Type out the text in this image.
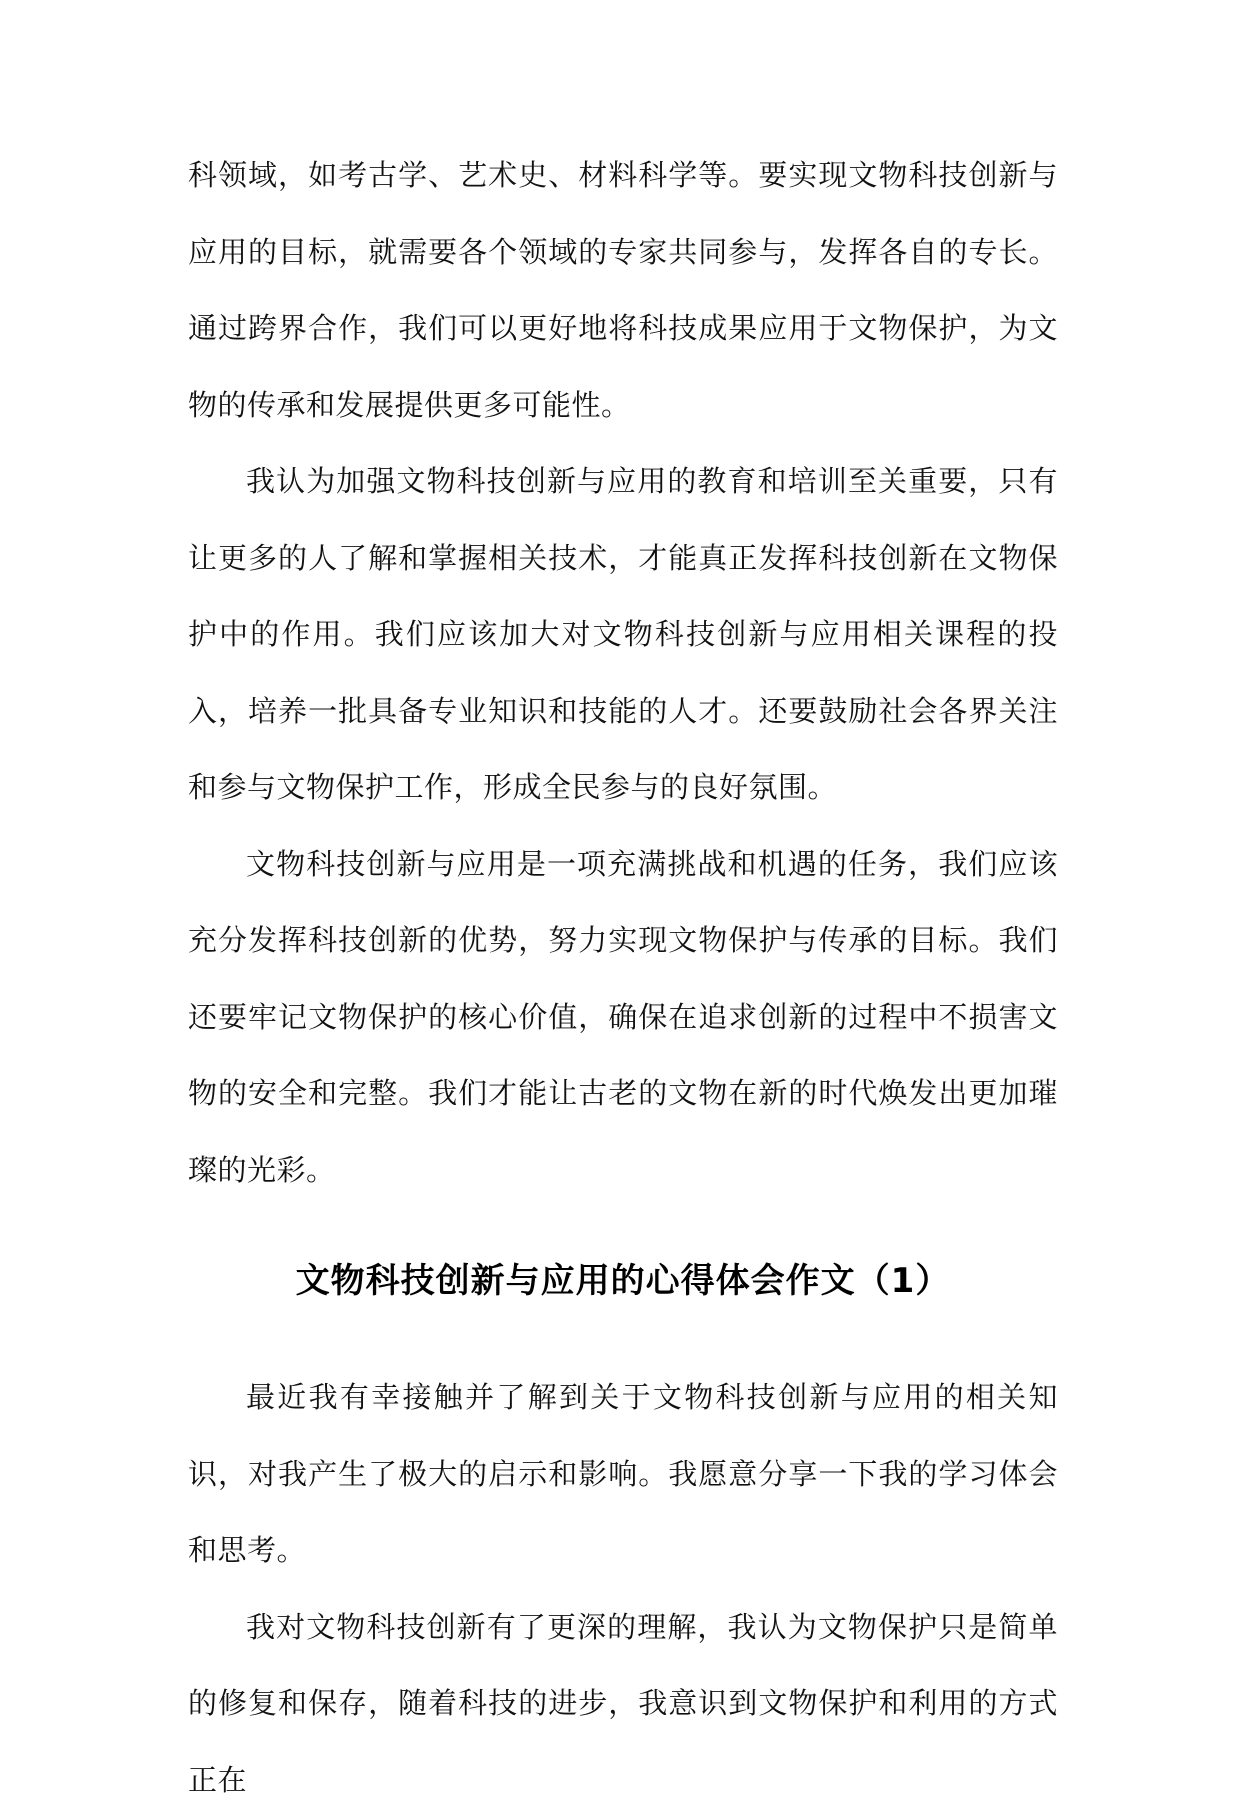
科领域，如考古学、艺术史、材料科学等。要实现文物科技创新与应用的目标，就需要各个领域的专家共同参与，发挥各自的专长。通过跨界合作，我们可以更好地将科技成果应用于文物保护，为文物的传承和发展提供更多可能性。

我认为加强文物科技创新与应用的教育和培训至关重要，只有让更多的人了解和掌握相关技术，才能真正发挥科技创新在文物保护中的作用。我们应该加大对文物科技创新与应用相关课程的投入，培养一批具备专业知识和技能的人才。还要鼓励社会各界关注和参与文物保护工作，形成全民参与的良好氛围。

文物科技创新与应用是一项充满挑战和机遇的任务，我们应该充分发挥科技创新的优势，努力实现文物保护与传承的目标。我们还要牢记文物保护的核心价值，确保在追求创新的过程中不损害文物的安全和完整。我们才能让古老的文物在新的时代焕发出更加璀璨的光彩。

文物科技创新与应用的心得体会作文（1）

最近我有幸接触并了解到关于文物科技创新与应用的相关知识，对我产生了极大的启示和影响。我愿意分享一下我的学习体会和思考。

我对文物科技创新有了更深的理解，我认为文物保护只是简单的修复和保存，随着科技的进步，我意识到文物保护和利用的方式正在
